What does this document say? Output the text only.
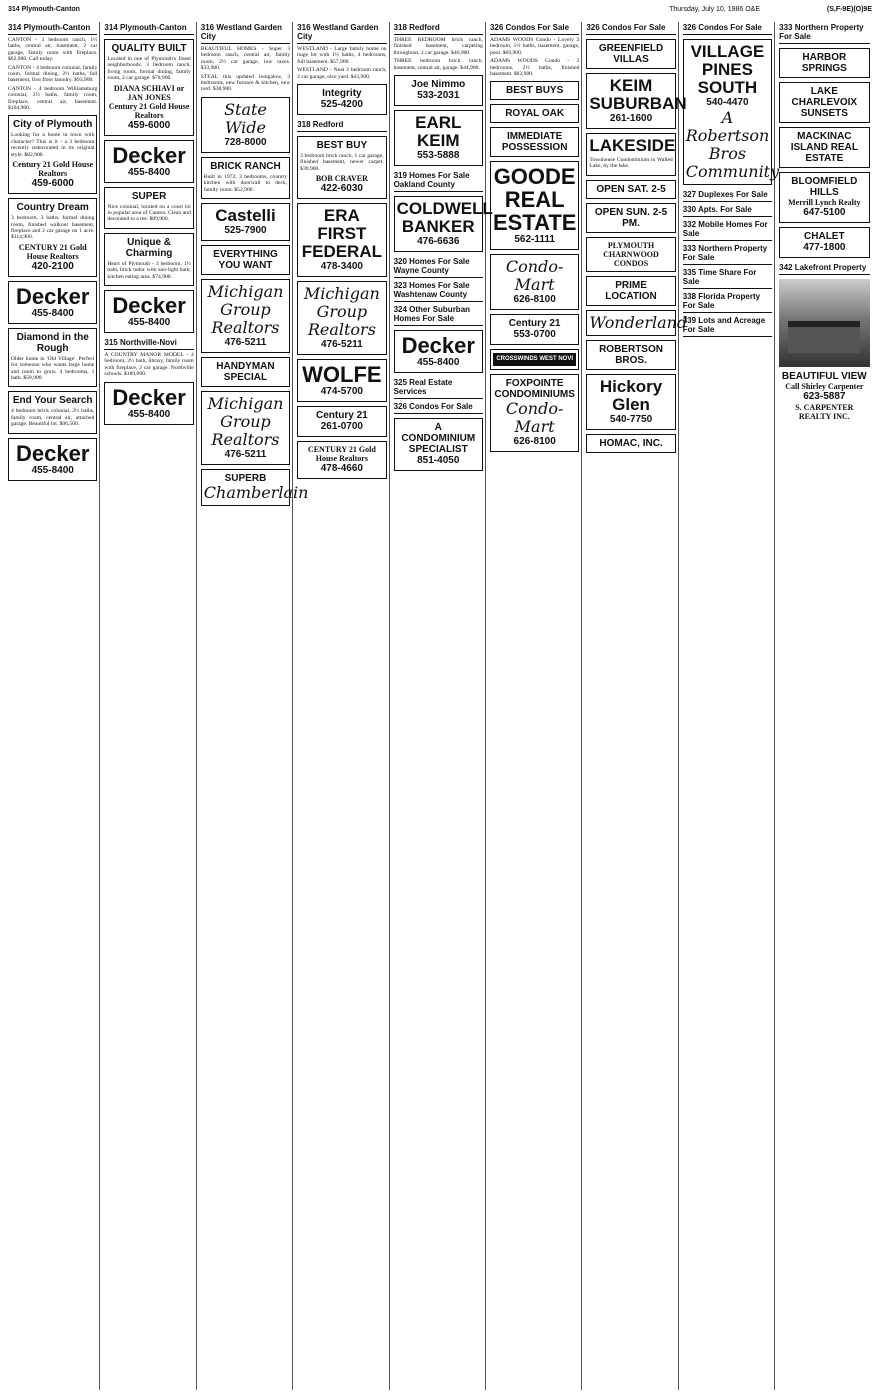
314 Plymouth-Canton	Thursday, July 10, 1986 O&E	(S,F-9E)(O)9E
314 Plymouth-Canton
CANTON - 3 bedroom ranch, 1½ baths, central air, basement, 2 car garage, family room with fireplace. $62,900. Call today.
CANTON - 4 bedroom colonial, family room, formal dining, 2½ baths, full basement, first floor laundry. $93,900.
CANTON - 4 bedroom Williamsburg colonial, 2½ baths, family room, fireplace, central air, basement. $104,900.
City of Plymouth
Looking for a home in town with character? This is it - a 3 bedroom recently redecorated in its original style. $82,900.
Century 21 Gold House Realtors
459-6000
Country Dream
3 bedroom, 3 baths, formal dining room, finished walkout basement, fireplace and 2 car garage on 1 acre. $114,900.
CENTURY 21 Gold House Realtors
420-2100
Decker
455-8400
Diamond in the Rough
Older home in 'Old Village'. Perfect for someone who wants large home and room to grow. 4 bedrooms, 1 bath. $58,900.
End Your Search
4 bedroom brick colonial, 2½ baths, family room, central air, attached garage. Beautiful lot. $96,500.
Decker
455-8400
314 Plymouth-Canton
QUALITY BUILT
Located in one of Plymouth's finest neighborhoods. 3 bedroom ranch, living room, formal dining, family room, 2 car garage. $78,900.
DIANA SCHIAVI or JAN JONES
Century 21 Gold House Realtors
459-6000
Decker
455-8400
SUPER
Nice colonial, located on a court lot in popular area of Canton. Clean and decorated to a tee. $89,900.
Unique & Charming
Heart of Plymouth - 3 bedroom, 1½ bath, brick tudor with sun-light bath, kitchen eating area. $74,900.
Decker
455-8400
315 Northville-Novi
A COUNTRY MANOR MODEL - 4 bedroom, 2½ bath, library, family room with fireplace, 2 car garage. Northville schools. $189,000.
Decker
455-8400
316 Westland Garden City
BEAUTIFUL HOMES - Super 3 bedroom ranch, central air, family room, 2½ car garage, low taxes. $33,900.
STEAL this updated bungalow, 3 bedrooms, new furnace & kitchen, new roof. $38,900.
State Wide
728-8000
BRICK RANCH
Built in 1972, 3 bedrooms, country kitchen with doorwall to deck, family room. $52,900.
Castelli
525-7900
EVERYTHING YOU WANT
Michigan Group Realtors
476-5211
HANDYMAN SPECIAL
Michigan Group Realtors
476-5211
SUPERB
Chamberlain
316 Westland Garden City
WESTLAND - Large family home on huge lot with 1½ baths, 4 bedrooms, full basement. $57,900.
WESTLAND - Neat 3 bedroom ranch, 2 car garage, nice yard. $43,900.
Integrity
525-4200
318 Redford
BEST BUY
3 bedroom brick ranch, 1 car garage, finished basement, newer carpet. $39,900.
BOB CRAVER
422-6030
ERA FIRST FEDERAL
478-3400
Michigan Group Realtors
476-5211
WOLFE
474-5700
Century 21
261-0700
CENTURY 21 Gold House Realtors
478-4660
318 Redford
THREE BEDROOM brick ranch, finished basement, carpeting throughout, 2 car garage. $46,900.
THREE bedroom brick ranch, basement, central air, garage. $44,900.
Joe Nimmo
533-2031
EARL KEIM
553-5888
319 Homes For Sale Oakland County
COLDWELL BANKER
476-6636
320 Homes For Sale Wayne County
323 Homes For Sale Washtenaw County
324 Other Suburban Homes For Sale
Decker
455-8400
325 Real Estate Services
326 Condos For Sale
A CONDOMINIUM SPECIALIST
851-4050
326 Condos For Sale
ADAMS WOODS Condo - Lovely 2 bedroom, 1½ baths, basement, garage, pool. $69,900.
ADAMS WOODS Condo - 3 bedrooms, 2½ baths, finished basement. $82,900.
BEST BUYS
ROYAL OAK
IMMEDIATE POSSESSION
GOODE REAL ESTATE
562-1111
Condo-Mart
626-8100
Century 21
553-0700
CROSSWINDS WEST NOVI
FOXPOINTE CONDOMINIUMS
Condo-Mart
626-8100
326 Condos For Sale
GREENFIELD VILLAS
KEIM SUBURBAN
261-1600
LAKESIDE
Townhouse Condominium in Walled Lake, by the lake.
OPEN SAT. 2-5
OPEN SUN. 2-5 PM.
PLYMOUTH CHARNWOOD CONDOS
PRIME LOCATION
Wonderland
ROBERTSON BROS.
Hickory Glen
540-7750
HOMAC, INC.
326 Condos For Sale
VILLAGE PINES SOUTH
540-4470
A Robertson Bros Community
327 Duplexes For Sale
330 Apts. For Sale
332 Mobile Homes For Sale
333 Northern Property For Sale
335 Time Share For Sale
338 Florida Property For Sale
339 Lots and Acreage For Sale
333 Northern Property For Sale
HARBOR SPRINGS
LAKE CHARLEVOIX SUNSETS
MACKINAC ISLAND REAL ESTATE
BLOOMFIELD HILLS
Merrill Lynch Realty
647-5100
CHALET
477-1800
342 Lakefront Property
BEAUTIFUL VIEW
Call Shirley Carpenter
623-5887
S. CARPENTER REALTY INC.
